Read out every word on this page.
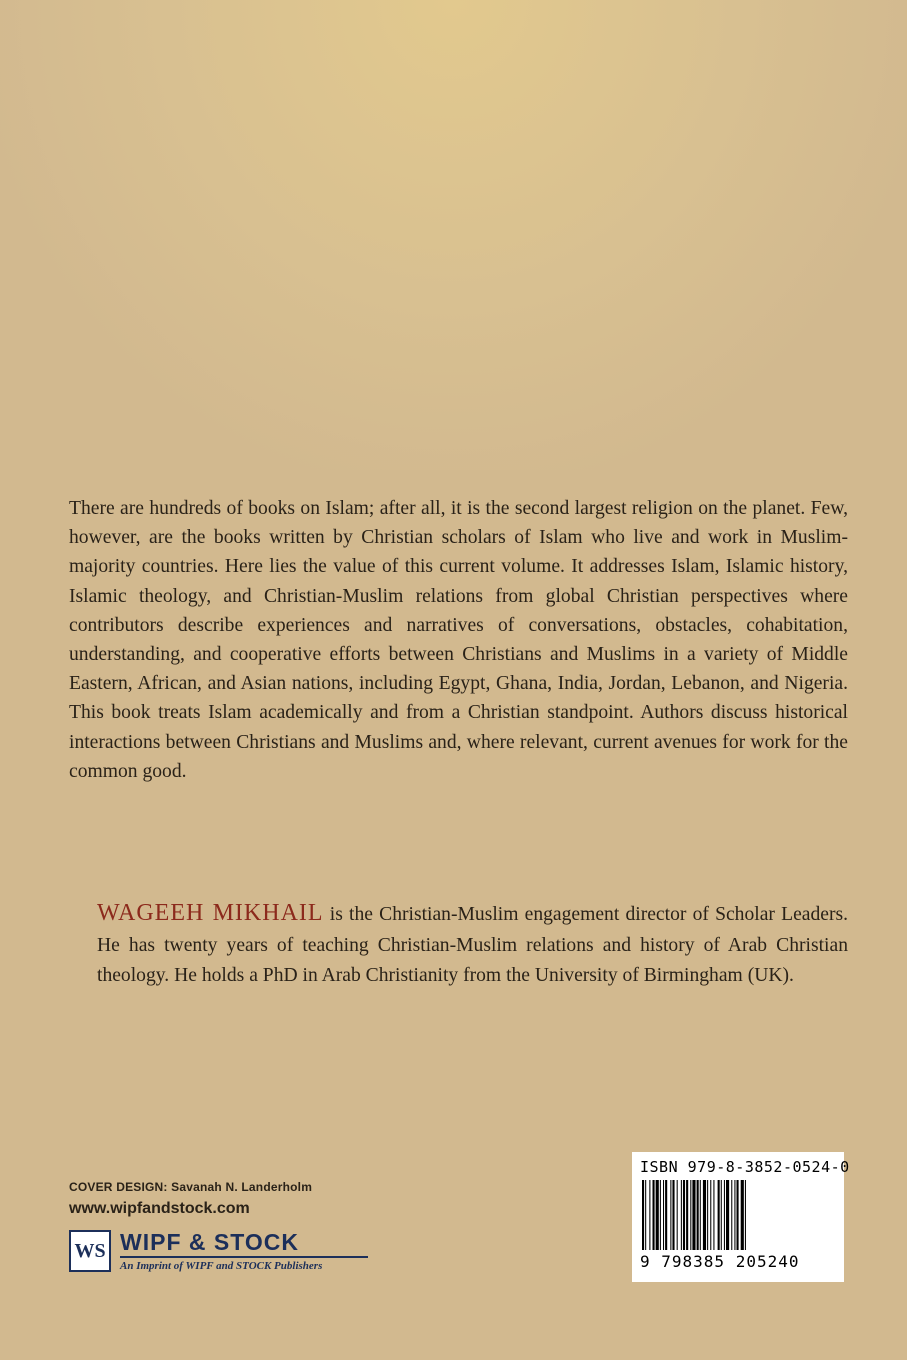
There are hundreds of books on Islam; after all, it is the second largest religion on the planet. Few, however, are the books written by Christian scholars of Islam who live and work in Muslim-majority countries. Here lies the value of this current volume. It addresses Islam, Islamic history, Islamic theology, and Christian-Muslim relations from global Christian perspectives where contributors describe experiences and narratives of conversations, obstacles, cohabitation, understanding, and cooperative efforts between Christians and Muslims in a variety of Middle Eastern, African, and Asian nations, including Egypt, Ghana, India, Jordan, Lebanon, and Nigeria. This book treats Islam academically and from a Christian standpoint. Authors discuss historical interactions between Christians and Muslims and, where relevant, current avenues for work for the common good.

WAGEEH MIKHAIL is the Christian-Muslim engagement director of Scholar Leaders. He has twenty years of teaching Christian-Muslim relations and history of Arab Christian theology. He holds a PhD in Arab Christianity from the University of Birmingham (UK).

COVER DESIGN: Savanah N. Landerholm
www.wipfandstock.com
WS WIPF & STOCK
An Imprint of WIPF and STOCK Publishers
ISBN 979-8-3852-0524-0
9 798385 205240
